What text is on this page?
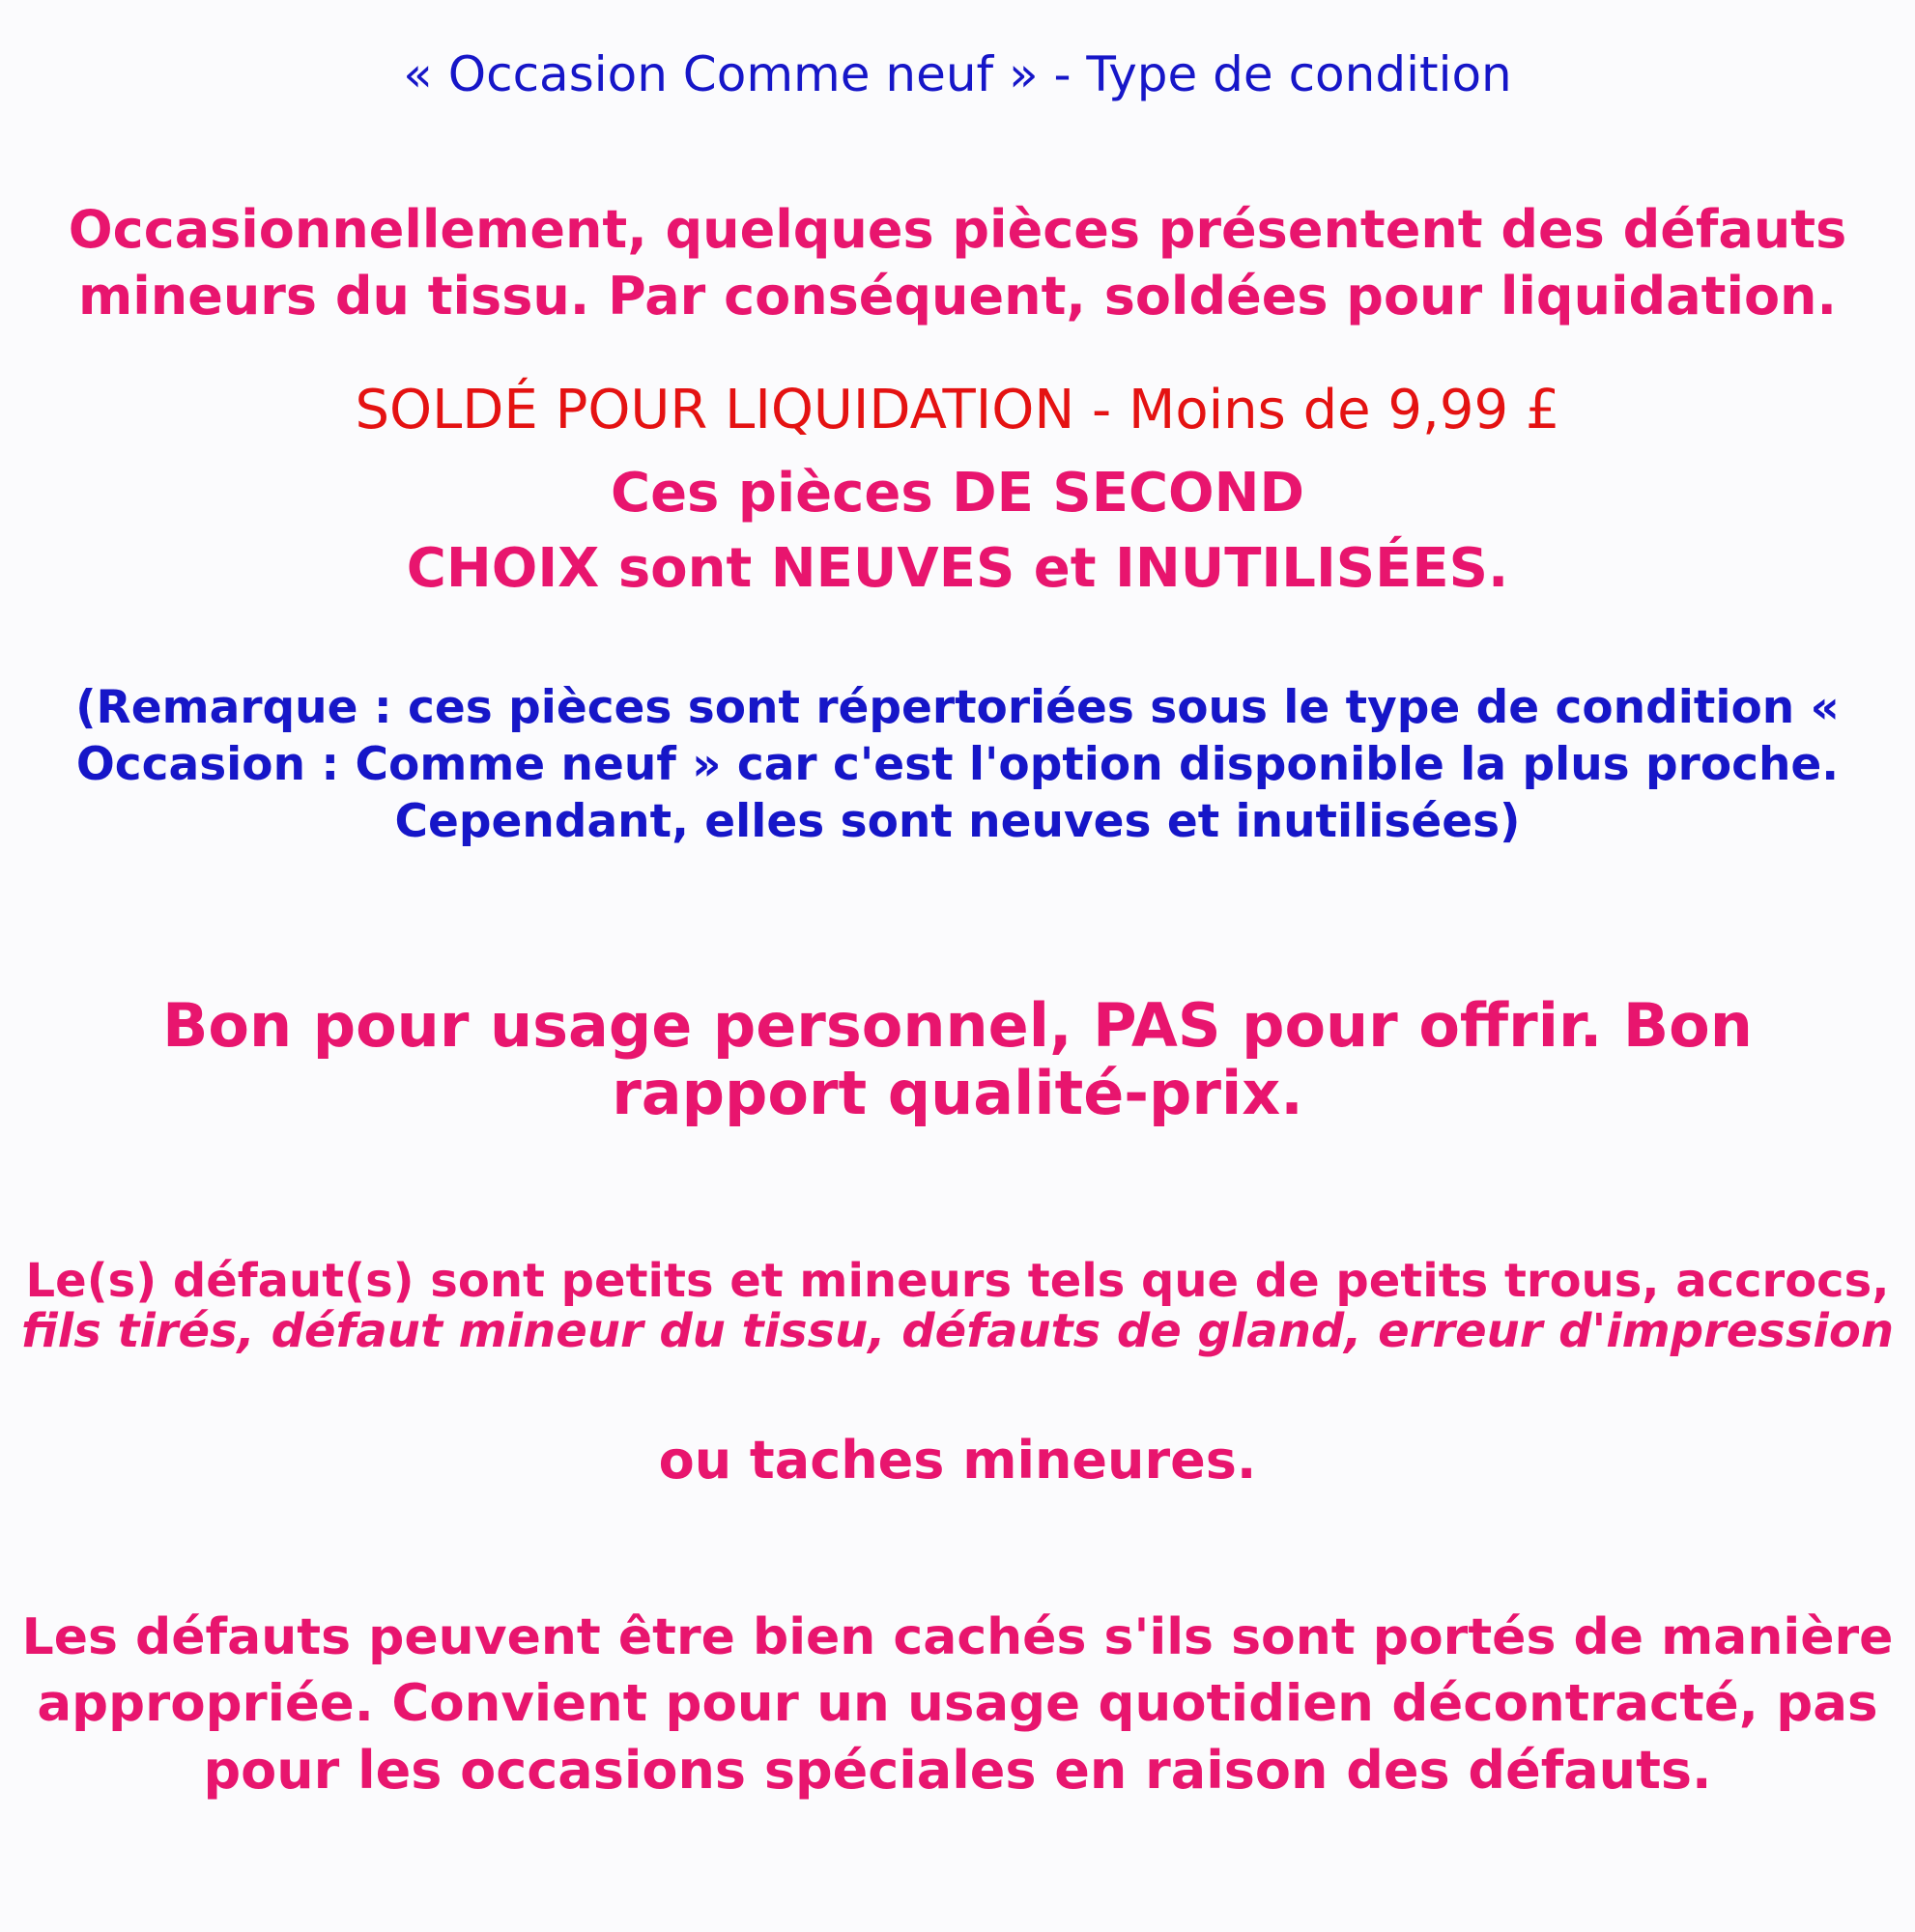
« Occasion Comme neuf » - Type de condition

Occasionnellement, quelques pièces présentent des défauts

mineurs du tissu. Par conséquent, soldées pour liquidation.

SOLDÉ POUR LIQUIDATION - Moins de 9,99 £

Ces pièces DE SECOND

CHOIX sont NEUVES et INUTILISÉES.

(Remarque : ces pièces sont répertoriées sous le type de condition «

Occasion : Comme neuf » car c'est l'option disponible la plus proche.

Cependant, elles sont neuves et inutilisées)

Bon pour usage personnel, PAS pour offrir. Bon

rapport qualité-prix.

Le(s) défaut(s) sont petits et mineurs tels que de petits trous, accrocs,

fils tirés, défaut mineur du tissu, défauts de gland, erreur d'impression

ou taches mineures.

Les défauts peuvent être bien cachés s'ils sont portés de manière

appropriée. Convient pour un usage quotidien décontracté, pas

pour les occasions spéciales en raison des défauts.
